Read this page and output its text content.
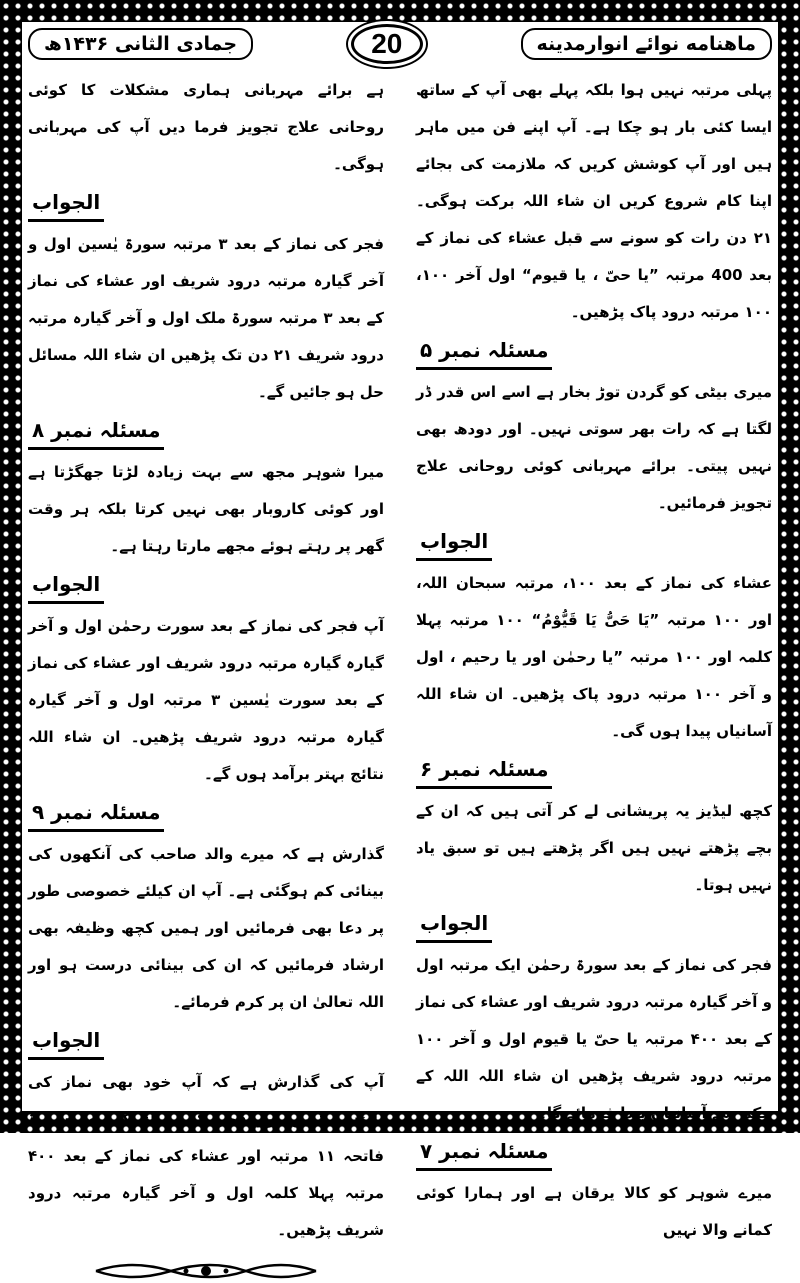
جمادی الثانی ۱۴۳۶ھ	20	ماهنامه نوائے انوارمدینه

پہلی مرتبہ نہیں ہوا بلکہ پہلے بھی آپ کے ساتھ ایسا کئی بار ہو چکا ہے۔ آپ اپنے فن میں ماہر ہیں اور آپ کوشش کریں کہ ملازمت کی بجائے اپنا کام شروع کریں ان شاء اللہ برکت ہوگی۔ ۲۱ دن رات کو سونے سے قبل عشاء کی نماز کے بعد 400 مرتبہ ”یا حیّ ، یا قیوم“ اول آخر ۱۰۰، ۱۰۰ مرتبہ درود پاک پڑھیں۔

مسئلہ نمبر ۵

میری بیٹی کو گردن توڑ بخار ہے اسے اس قدر ڈر لگتا ہے کہ رات بھر سوتی نہیں۔ اور دودھ بھی نہیں پیتی۔ برائے مہربانی کوئی روحانی علاج تجویز فرمائیں۔

الجواب

عشاء کی نماز کے بعد ۱۰۰، مرتبہ سبحان اللہ، اور ۱۰۰ مرتبہ ”یَا حَیُّ یَا قَیُّوْمُ“ ۱۰۰ مرتبہ پہلا کلمہ اور ۱۰۰ مرتبہ ”یا رحمٰن اور یا رحیم ، اول و آخر ۱۰۰ مرتبہ درود پاک پڑھیں۔ ان شاء اللہ آسانیاں پیدا ہوں گی۔

مسئلہ نمبر ۶

کچھ لیڈیز یہ پریشانی لے کر آتی ہیں کہ ان کے بچے پڑھتے نہیں ہیں اگر پڑھتے ہیں تو سبق یاد نہیں ہوتا۔

الجواب

فجر کی نماز کے بعد سورۃ رحمٰن ایک مرتبہ اول و آخر گیارہ مرتبہ درود شریف اور عشاء کی نماز کے بعد ۴۰۰ مرتبہ یا حیّ یا قیوم اول و آخر ۱۰۰ مرتبہ درود شریف پڑھیں ان شاء اللہ اللہ کے حکم سے آسانیاں پیدا فرمائے گا۔

مسئلہ نمبر ۷

میرے شوہر کو کالا یرقان ہے اور ہمارا کوئی کمانے والا نہیں

ہے برائے مہربانی ہماری مشکلات کا کوئی روحانی علاج تجویز فرما دیں آپ کی مہربانی ہوگی۔

الجواب

فجر کی نماز کے بعد ۳ مرتبہ سورۃ یٰسین اول و آخر گیارہ مرتبہ درود شریف اور عشاء کی نماز کے بعد ۳ مرتبہ سورۃ ملک اول و آخر گیارہ مرتبہ درود شریف ۲۱ دن تک پڑھیں ان شاء اللہ مسائل حل ہو جائیں گے۔

مسئلہ نمبر ۸

میرا شوہر مجھ سے بہت زیادہ لڑتا جھگڑتا ہے اور کوئی کاروبار بھی نہیں کرتا بلکہ ہر وقت گھر پر رہتے ہوئے مجھے مارتا رہتا ہے۔

الجواب

آپ فجر کی نماز کے بعد سورت رحمٰن اول و آخر گیارہ گیارہ مرتبہ درود شریف اور عشاء کی نماز کے بعد سورت یٰسین ۳ مرتبہ اول و آخر گیارہ گیارہ مرتبہ درود شریف پڑھیں۔ ان شاء اللہ نتائج بہتر برآمد ہوں گے۔

مسئلہ نمبر ۹

گذارش ہے کہ میرے والد صاحب کی آنکھوں کی بینائی کم ہوگئی ہے۔ آپ ان کیلئے خصوصی طور پر دعا بھی فرمائیں اور ہمیں کچھ وظیفہ بھی ارشاد فرمائیں کہ ان کی بینائی درست ہو اور اللہ تعالیٰ ان پر کرم فرمائے۔

الجواب

آپ کی گذارش ہے کہ آپ خود بھی نماز کی پابندی کریں اور فجر کی نماز کے بعد سورۃ فاتحہ ۱۱ مرتبہ اور عشاء کی نماز کے بعد ۴۰۰ مرتبہ پہلا کلمہ اول و آخر گیارہ مرتبہ درود شریف پڑھیں۔
